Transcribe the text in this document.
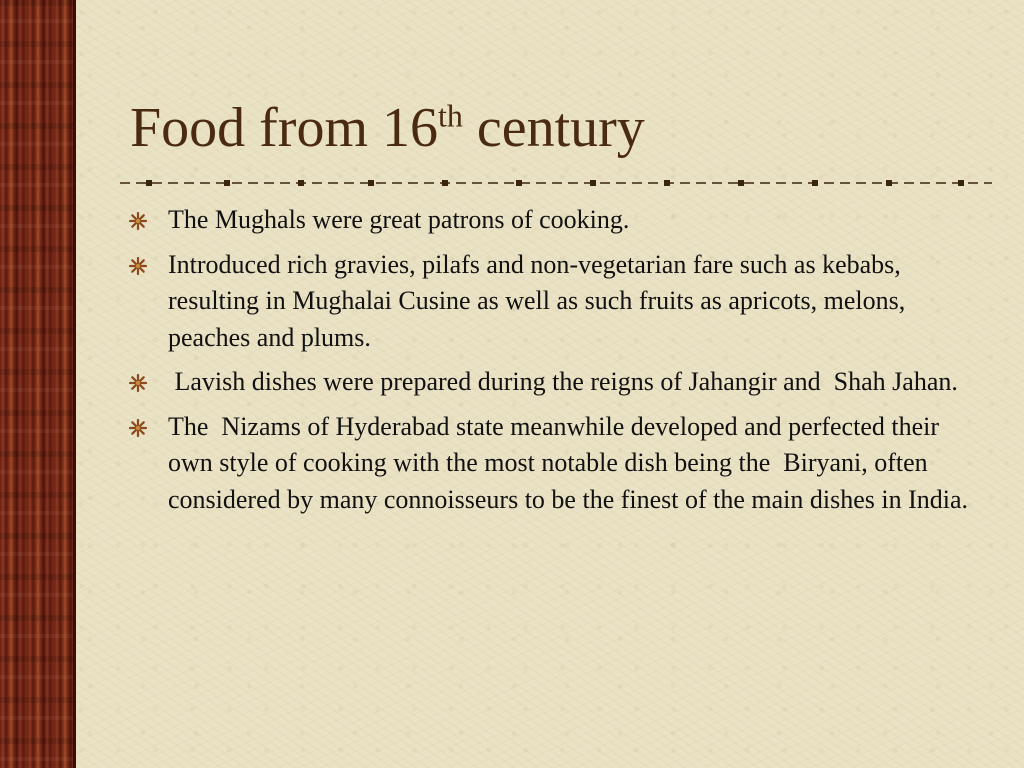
Food from 16th century
The Mughals were great patrons of cooking.
Introduced rich gravies, pilafs and non-vegetarian fare such as kebabs, resulting in Mughalai Cusine as well as such fruits as apricots, melons, peaches and plums.
Lavish dishes were prepared during the reigns of Jahangir and  Shah Jahan.
The  Nizams of Hyderabad state meanwhile developed and perfected their own style of cooking with the most notable dish being the  Biryani, often considered by many connoisseurs to be the finest of the main dishes in India.
